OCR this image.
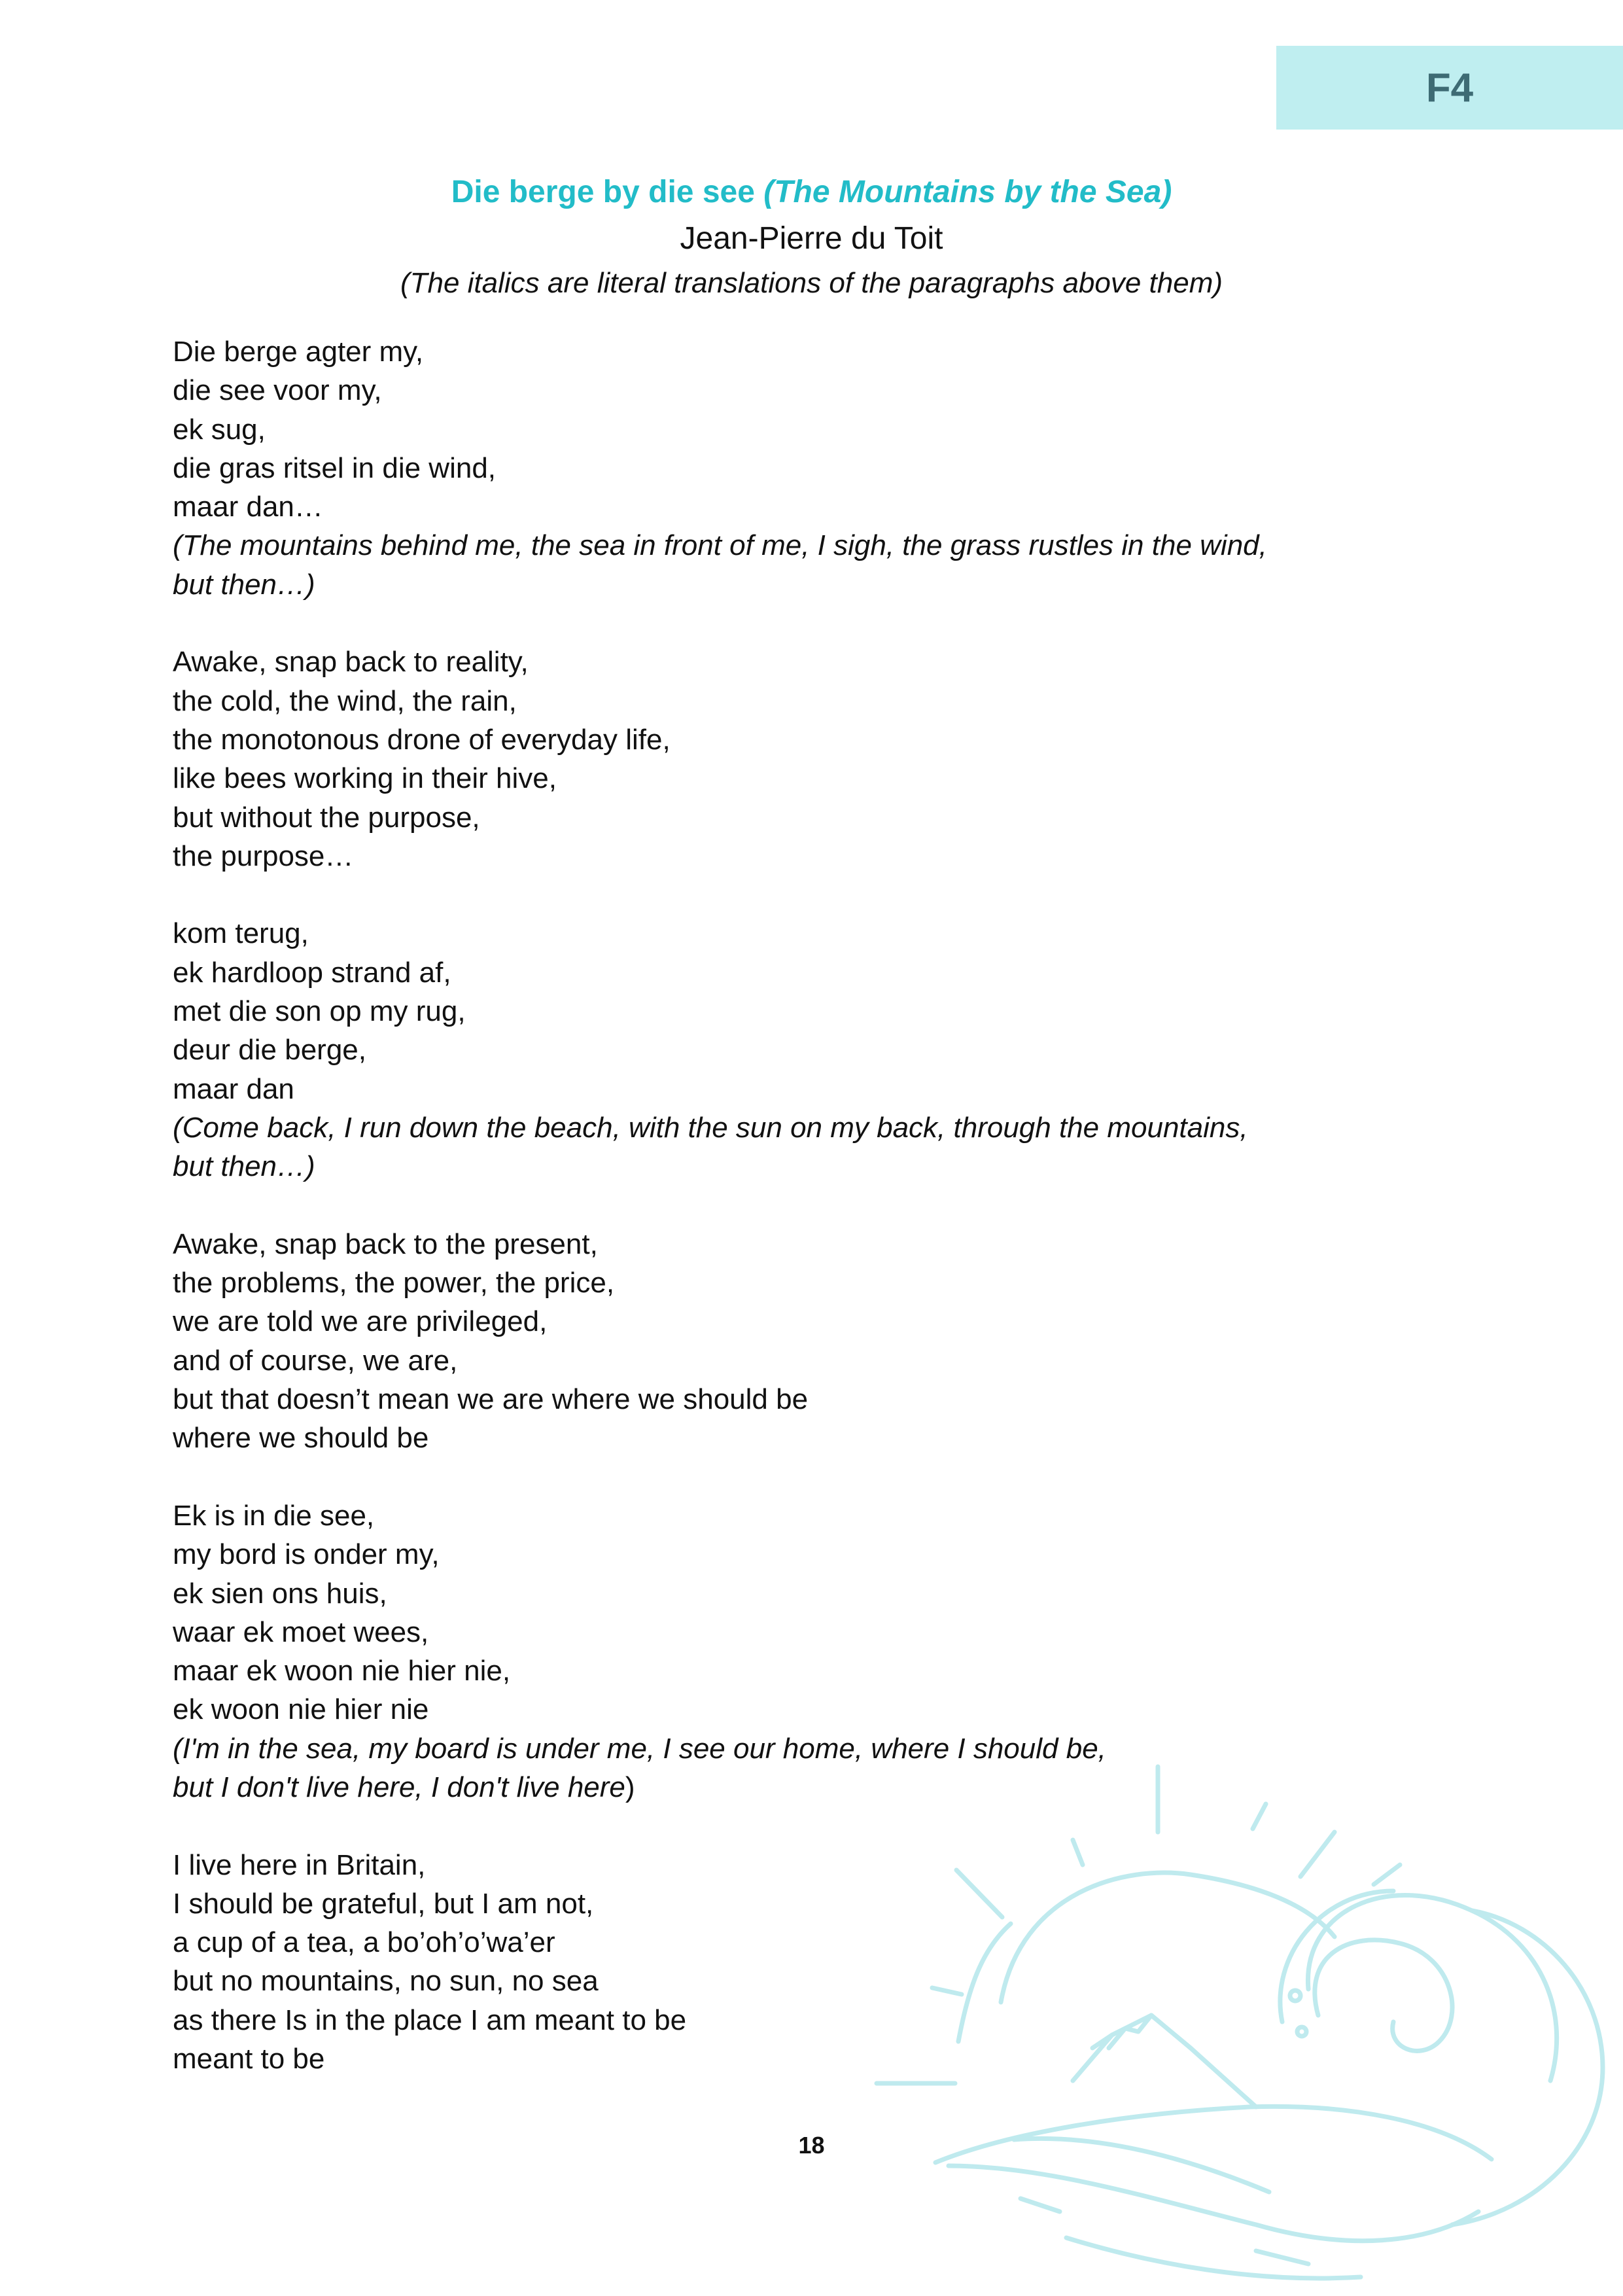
F4
Die berge by die see (The Mountains by the Sea)
Jean-Pierre du Toit
(The italics are literal translations of the paragraphs above them)
Die berge agter my,
die see voor my,
ek sug,
die gras ritsel in die wind,
maar dan…
(The mountains behind me, the sea in front of me, I sigh, the grass rustles in the wind,
but then…)
Awake, snap back to reality,
the cold, the wind, the rain,
the monotonous drone of everyday life,
like bees working in their hive,
but without the purpose,
the purpose…
kom terug,
ek hardloop strand af,
met die son op my rug,
deur die berge,
maar dan
(Come back, I run down the beach, with the sun on my back, through the mountains,
but then…)
Awake, snap back to the present,
the problems, the power, the price,
we are told we are privileged,
and of course, we are,
but that doesn’t mean we are where we should be
where we should be
Ek is in die see,
my bord is onder my,
ek sien ons huis,
waar ek moet wees,
maar ek woon nie hier nie,
ek woon nie hier nie
(I'm in the sea, my board is under me, I see our home, where I should be,
but I don't live here, I don't live here)
I live here in Britain,
I should be grateful, but I am not,
a cup of a tea, a bo’oh’o’wa’er
but no mountains, no sun, no sea
as there Is in the place I am meant to be
meant to be
18
